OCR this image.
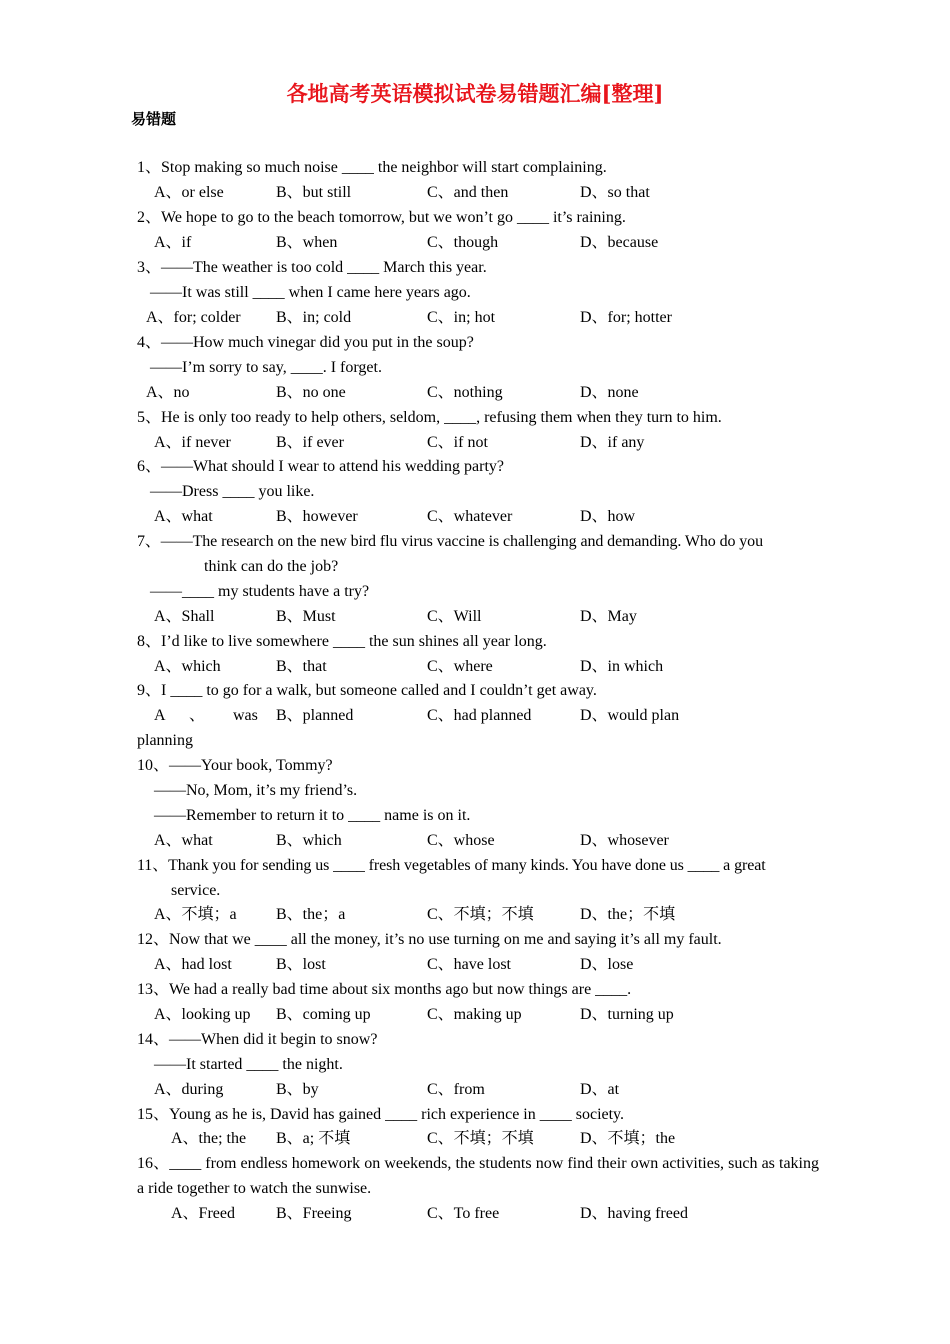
各地高考英语模拟试卷易错题汇编[整理]
易错题
1、Stop making so much noise ____ the neighbor will start complaining.
A、or else	B、but still	C、and then	D、so that
2、We hope to go to the beach tomorrow, but we won’t go ____ it’s raining.
A、if	B、when	C、though	D、because
3、——The weather is too cold ____ March this year.
——It was still ____ when I came here years ago.
A、for; colder B、in; cold	C、in; hot	D、for; hotter
4、——How much vinegar did you put in the soup?
——I’m sorry to say, ____. I forget.
A、no	B、no one	C、nothing	D、none
5、He is only too ready to help others, seldom, ____, refusing them when they turn to him.
A、if never	B、if ever	C、if not	D、if any
6、——What should I wear to attend his wedding party?
——Dress ____ you like.
A、what	B、however	C、whatever	D、how
7、——The research on the new bird flu virus vaccine is challenging and demanding. Who do you
think can do the job?
——____ my students have a try?
A、Shall	B、Must	C、Will	D、May
8、I’d like to live somewhere ____ the sun shines all year long.
A、which	B、that	C、where	D、in which
9、I ____ to go for a walk, but someone called and I couldn’t get away.
A 、 was B、planned	C、had planned	D、would plan
planning
10、——Your book, Tommy?
——No, Mom, it’s my friend’s.
——Remember to return it to ____ name is on it.
A、what	B、which	C、whose	D、whosever
11、Thank you for sending us ____ fresh vegetables of many kinds. You have done us ____ a great
service.
A、不填；a B、the；a	C、不填；不填	D、the；不填
12、Now that we ____ all the money, it’s no use turning on me and saying it’s all my fault.
A、had lost	B、lost	C、have lost	D、lose
13、We had a really bad time about six months ago but now things are ____.
A、looking up B、coming up	C、making up	D、turning up
14、——When did it begin to snow?
——It started ____ the night.
A、during	B、by	C、from	D、at
15、Young as he is, David has gained ____ rich experience in ____ society.
A、the; the B、a; 不填	C、不填；不填	D、不填；the
16、____ from endless homework on weekends, the students now find their own activities, such as taking a ride together to watch the sunwise.
A、Freed	B、Freeing	C、To free	D、having freed
